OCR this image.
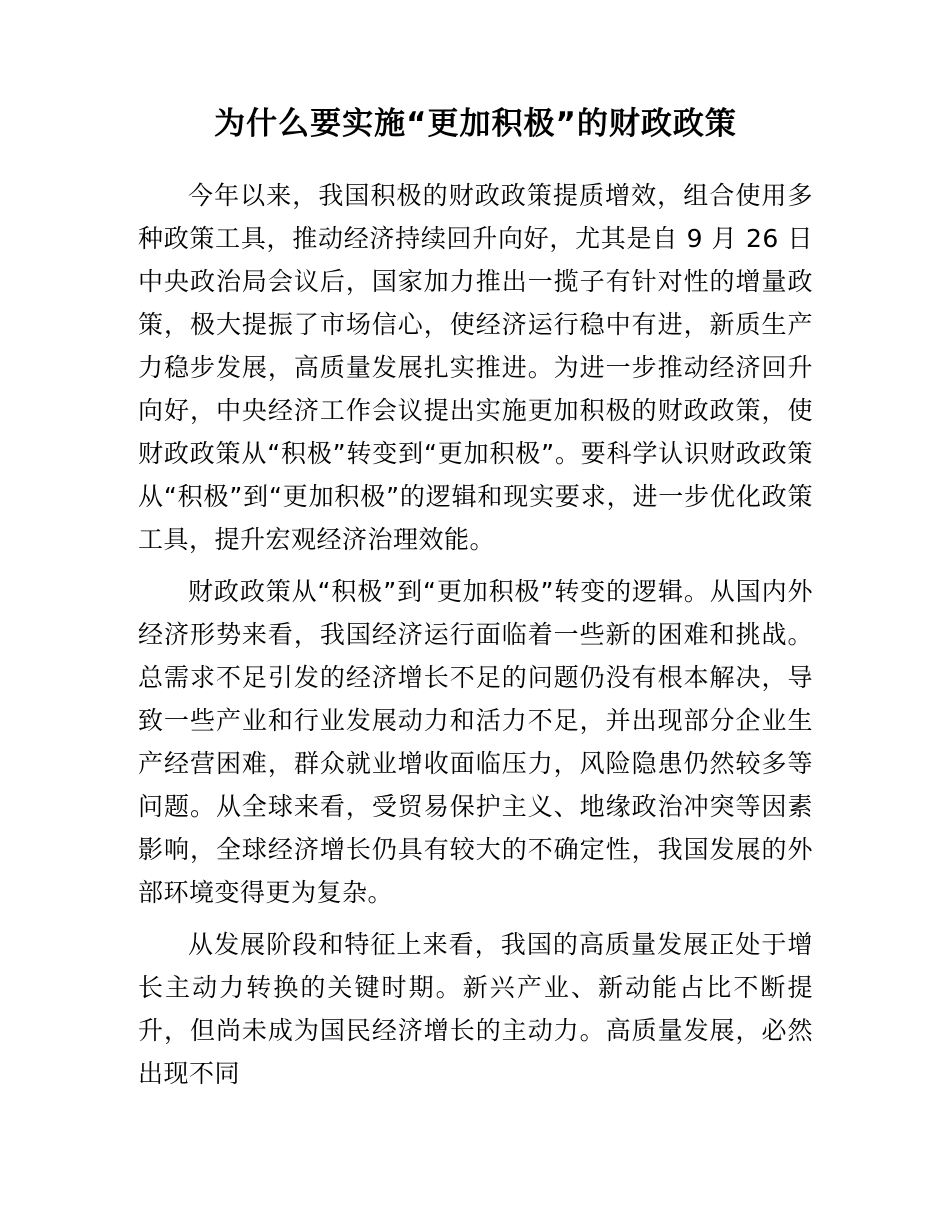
为什么要实施“更加积极”的财政政策

今年以来，我国积极的财政政策提质增效，组合使用多种政策工具，推动经济持续回升向好，尤其是自 9 月 26 日中央政治局会议后，国家加力推出一揽子有针对性的增量政策，极大提振了市场信心，使经济运行稳中有进，新质生产力稳步发展，高质量发展扎实推进。为进一步推动经济回升向好，中央经济工作会议提出实施更加积极的财政政策，使财政政策从“积极”转变到“更加积极”。要科学认识财政政策从“积极”到“更加积极”的逻辑和现实要求，进一步优化政策工具，提升宏观经济治理效能。

财政政策从“积极”到“更加积极”转变的逻辑。从国内外经济形势来看，我国经济运行面临着一些新的困难和挑战。总需求不足引发的经济增长不足的问题仍没有根本解决，导致一些产业和行业发展动力和活力不足，并出现部分企业生产经营困难，群众就业增收面临压力，风险隐患仍然较多等问题。从全球来看，受贸易保护主义、地缘政治冲突等因素影响，全球经济增长仍具有较大的不确定性，我国发展的外部环境变得更为复杂。

从发展阶段和特征上来看，我国的高质量发展正处于增长主动力转换的关键时期。新兴产业、新动能占比不断提升，但尚未成为国民经济增长的主动力。高质量发展，必然出现不同
